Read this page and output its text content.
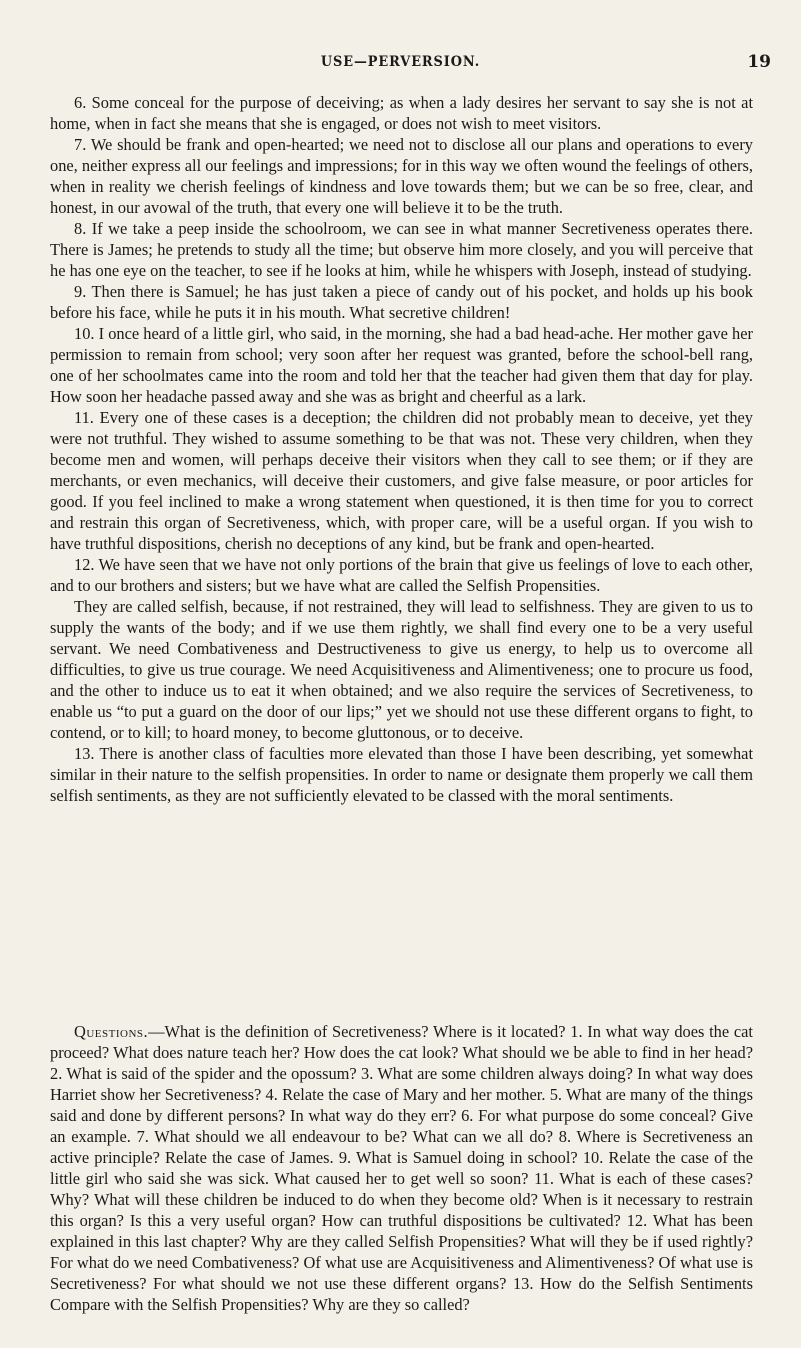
USE—PERVERSION.	19

6. Some conceal for the purpose of deceiving; as when a lady desires her servant to say she is not at home, when in fact she means that she is engaged, or does not wish to meet visitors.

7. We should be frank and open-hearted; we need not to disclose all our plans and operations to every one, neither express all our feelings and impressions; for in this way we often wound the feelings of others, when in reality we cherish feelings of kindness and love towards them; but we can be so free, clear, and honest, in our avowal of the truth, that every one will believe it to be the truth.

8. If we take a peep inside the schoolroom, we can see in what manner Secretiveness operates there. There is James; he pretends to study all the time; but observe him more closely, and you will perceive that he has one eye on the teacher, to see if he looks at him, while he whispers with Joseph, instead of studying.

9. Then there is Samuel; he has just taken a piece of candy out of his pocket, and holds up his book before his face, while he puts it in his mouth. What secretive children!

10. I once heard of a little girl, who said, in the morning, she had a bad head-ache. Her mother gave her permission to remain from school; very soon after her request was granted, before the school-bell rang, one of her schoolmates came into the room and told her that the teacher had given them that day for play. How soon her headache passed away and she was as bright and cheerful as a lark.

11. Every one of these cases is a deception; the children did not probably mean to deceive, yet they were not truthful. They wished to assume something to be that was not. These very children, when they become men and women, will perhaps deceive their visitors when they call to see them; or if they are merchants, or even mechanics, will deceive their customers, and give false measure, or poor articles for good. If you feel inclined to make a wrong statement when questioned, it is then time for you to correct and restrain this organ of Secretiveness, which, with proper care, will be a useful organ. If you wish to have truthful dispositions, cherish no deceptions of any kind, but be frank and open-hearted.

12. We have seen that we have not only portions of the brain that give us feelings of love to each other, and to our brothers and sisters; but we have what are called the Selfish Propensities.

They are called selfish, because, if not restrained, they will lead to selfishness. They are given to us to supply the wants of the body; and if we use them rightly, we shall find every one to be a very useful servant. We need Combativeness and Destructiveness to give us energy, to help us to overcome all difficulties, to give us true courage. We need Acquisitiveness and Alimentiveness; one to procure us food, and the other to induce us to eat it when obtained; and we also require the services of Secretiveness, to enable us “to put a guard on the door of our lips;” yet we should not use these different organs to fight, to contend, or to kill; to hoard money, to become gluttonous, or to deceive.

13. There is another class of faculties more elevated than those I have been describing, yet somewhat similar in their nature to the selfish propensities. In order to name or designate them properly we call them selfish sentiments, as they are not sufficiently elevated to be classed with the moral sentiments.

Questions.—What is the definition of Secretiveness? Where is it located? 1. In what way does the cat proceed? What does nature teach her? How does the cat look? What should we be able to find in her head? 2. What is said of the spider and the opossum? 3. What are some children always doing? In what way does Harriet show her Secretiveness? 4. Relate the case of Mary and her mother. 5. What are many of the things said and done by different persons? In what way do they err? 6. For what purpose do some conceal? Give an example. 7. What should we all endeavour to be? What can we all do? 8. Where is Secretiveness an active principle? Relate the case of James. 9. What is Samuel doing in school? 10. Relate the case of the little girl who said she was sick. What caused her to get well so soon? 11. What is each of these cases? Why? What will these children be induced to do when they become old? When is it necessary to restrain this organ? Is this a very useful organ? How can truthful dispositions be cultivated? 12. What has been explained in this last chapter? Why are they called Selfish Propensities? What will they be if used rightly? For what do we need Combativeness? Of what use are Acquisitiveness and Alimentiveness? Of what use is Secretiveness? For what should we not use these different organs? 13. How do the Selfish Sentiments Compare with the Selfish Propensities? Why are they so called?
